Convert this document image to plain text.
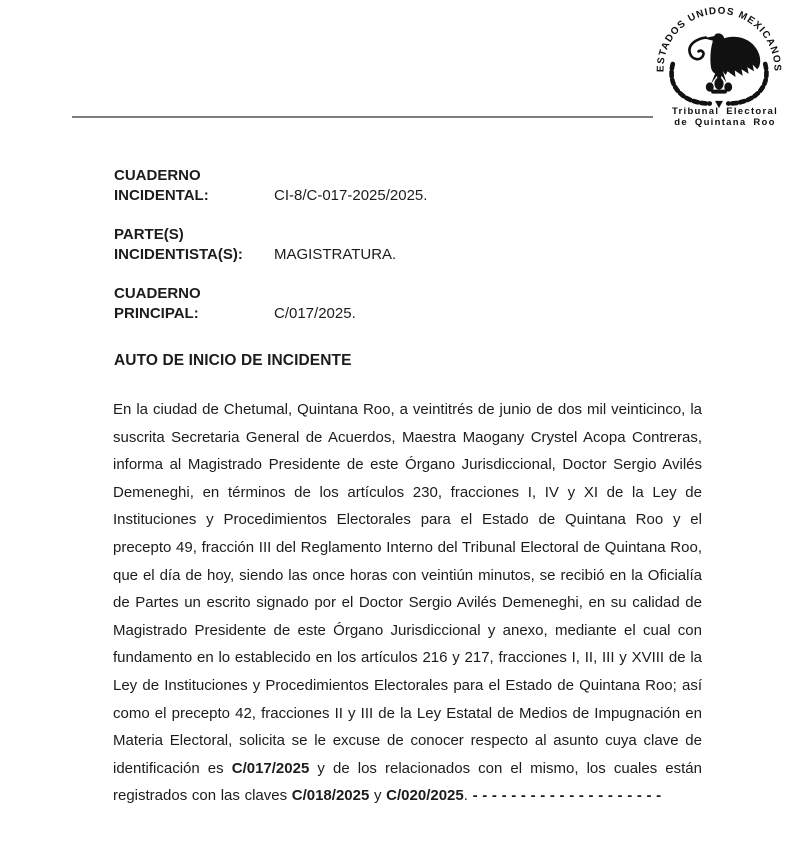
ESTADOS UNIDOS MEXICANOS
Tribunal Electoral
de Quintana Roo
CUADERNO
INCIDENTAL:	CI-8/C-017-2025/2025.
PARTE(S)
INCIDENTISTA(S):	MAGISTRATURA.
CUADERNO
PRINCIPAL:	C/017/2025.
AUTO DE INICIO DE INCIDENTE

En la ciudad de Chetumal, Quintana Roo, a veintitrés de junio de dos mil veinticinco, la suscrita Secretaria General de Acuerdos, Maestra Maogany Crystel Acopa Contreras, informa al Magistrado Presidente de este Órgano Jurisdiccional, Doctor Sergio Avilés Demeneghi, en términos de los artículos 230, fracciones I, IV y XI de la Ley de Instituciones y Procedimientos Electorales para el Estado de Quintana Roo y el precepto 49, fracción III del Reglamento Interno del Tribunal Electoral de Quintana Roo, que el día de hoy, siendo las once horas con veintiún minutos, se recibió en la Oficialía de Partes un escrito signado por el Doctor Sergio Avilés Demeneghi, en su calidad de Magistrado Presidente de este Órgano Jurisdiccional y anexo, mediante el cual con fundamento en lo establecido en los artículos 216 y 217, fracciones I, II, III y XVIII de la Ley de Instituciones y Procedimientos Electorales para el Estado de Quintana Roo; así como el precepto 42, fracciones II y III de la Ley Estatal de Medios de Impugnación en Materia Electoral, solicita se le excuse de conocer respecto al asunto cuya clave de identificación es C/017/2025 y de los relacionados con el mismo, los cuales están registrados con las claves C/018/2025 y C/020/2025. - - - - - - - - - - - - - - - - - - - -
